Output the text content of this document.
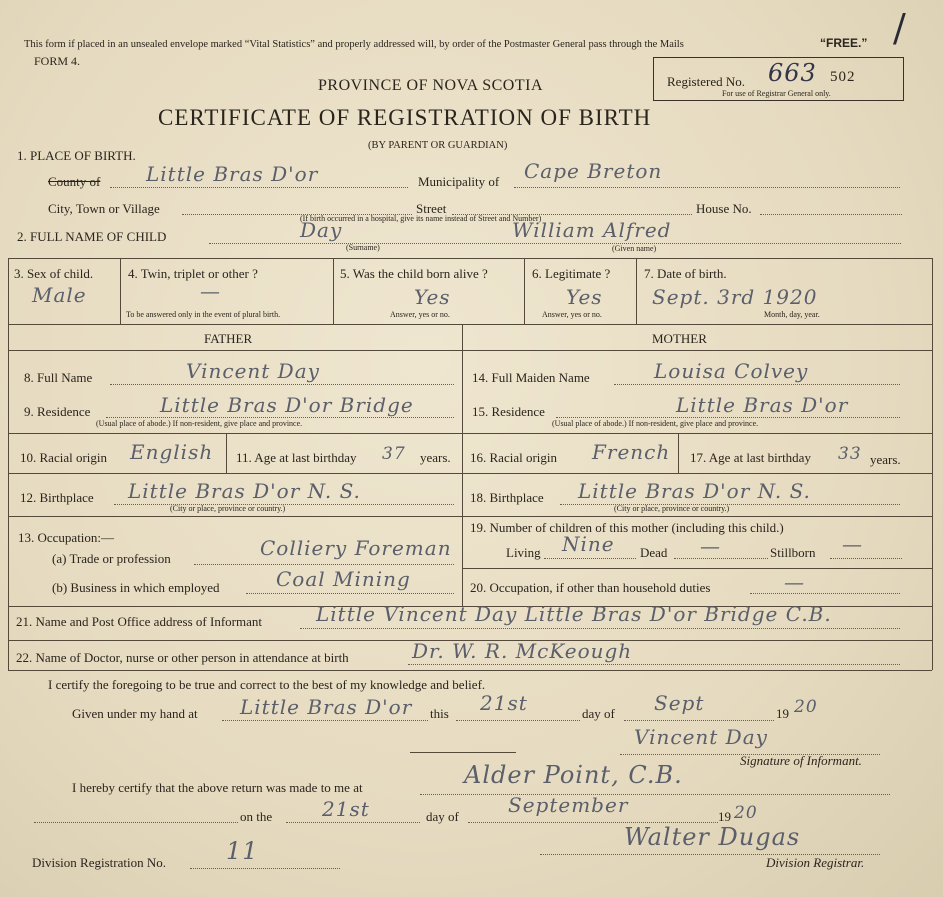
This form if placed in an unsealed envelope marked “Vital Statistics” and properly addressed will, by order of the Postmaster General pass through the Mails	“FREE.” /
FORM 4.
PROVINCE OF NOVA SCOTIA
CERTIFICATE OF REGISTRATION OF BIRTH
(BY PARENT OR GUARDIAN)
Registered No. 663 502
For use of Registrar General only.
1. PLACE OF BIRTH.
County of Little Bras D'or	Municipality of Cape Breton
City, Town or Village	Street	House No.
(If birth occurred in a hospital, give its name instead of Street and Number)
2. FULL NAME OF CHILD	Day
(Surname)
William Alfred
(Given name)
3. Sex of child.
Male
4. Twin, triplet or other ?
—
To be answered only in the event of plural birth.
5. Was the child born alive ?
Yes
Answer, yes or no.
6. Legitimate ?
Yes
Answer, yes or no.
7. Date of birth.
Sept. 3rd 1920
Month, day, year.
FATHER	MOTHER
8. Full Name	Vincent Day
9. Residence	Little Bras D'or Bridge
(Usual place of abode.) If non-resident, give place and province.
10. Racial origin English 11. Age at last birthday 37 years.
12. Birthplace Little Bras D'or N. S.
(City or place, province or country.)
13. Occupation:—
(a) Trade or profession	Colliery Foreman
(b) Business in which employed	Coal Mining
14. Full Maiden Name	Louisa Colvey
15. Residence	Little Bras D'or
(Usual place of abode.) If non-resident, give place and province.
16. Racial origin French 17. Age at last birthday 33 years.
18. Birthplace Little Bras D'or N. S.
(City or place, province or country.)
19. Number of children of this mother (including this child.)
Living Nine Dead —	Stillborn —
20. Occupation, if other than household duties	—
21. Name and Post Office address of Informant	Little Vincent Day Little Bras D'or Bridge C.B.
22. Name of Doctor, nurse or other person in attendance at birth	Dr. W. R. McKeough
I certify the foregoing to be true and correct to the best of my knowledge and belief.
Given under my hand at Little Bras D'or this 21st	day of Sept	19 20
Vincent Day
Signature of Informant.
I hereby certify that the above return was made to me at	Alder Point, C.B.
on the 21st	day of September	19 20
Walter Dugas
Division Registrar.
Division Registration No.	11
